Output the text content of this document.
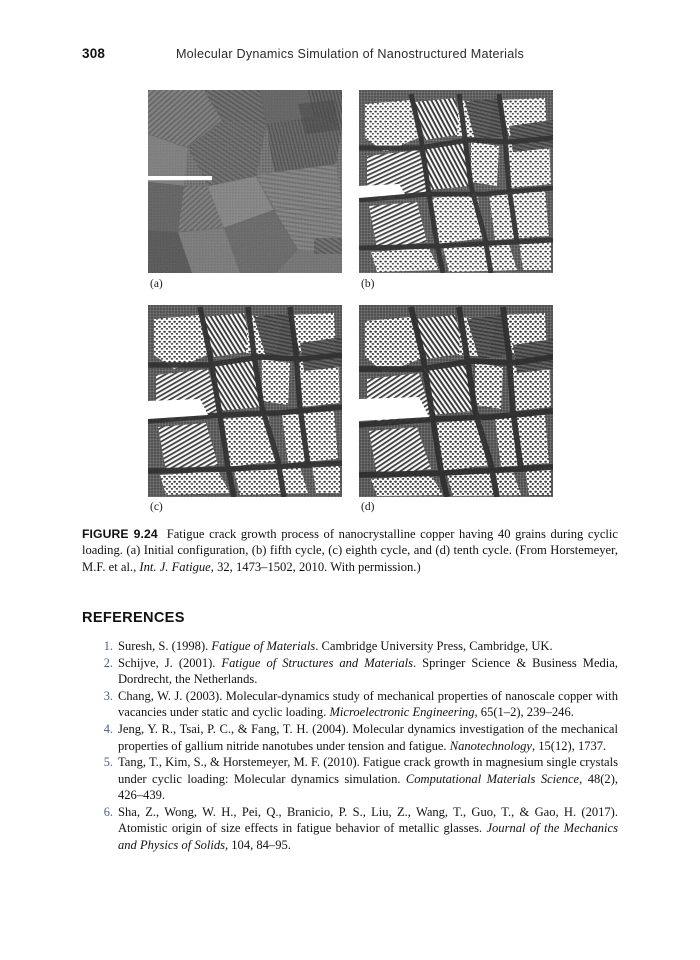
308	Molecular Dynamics Simulation of Nanostructured Materials
(a)	(b)
(c)	(d)
FIGURE 9.24 Fatigue crack growth process of nanocrystalline copper having 40 grains during cyclic loading. (a) Initial configuration, (b) fifth cycle, (c) eighth cycle, and (d) tenth cycle. (From Horstemeyer, M.F. et al., Int. J. Fatigue, 32, 1473–1502, 2010. With permission.)
REFERENCES
1. Suresh, S. (1998). Fatigue of Materials. Cambridge University Press, Cambridge, UK.
2. Schijve, J. (2001). Fatigue of Structures and Materials. Springer Science & Business Media, Dordrecht, the Netherlands.
3. Chang, W. J. (2003). Molecular-dynamics study of mechanical properties of nanoscale copper with vacancies under static and cyclic loading. Microelectronic Engineering, 65(1–2), 239–246.
4. Jeng, Y. R., Tsai, P. C., & Fang, T. H. (2004). Molecular dynamics investigation of the mechanical properties of gallium nitride nanotubes under tension and fatigue. Nanotechnology, 15(12), 1737.
5. Tang, T., Kim, S., & Horstemeyer, M. F. (2010). Fatigue crack growth in magnesium single crystals under cyclic loading: Molecular dynamics simulation. Computational Materials Science, 48(2), 426–439.
6. Sha, Z., Wong, W. H., Pei, Q., Branicio, P. S., Liu, Z., Wang, T., Guo, T., & Gao, H. (2017). Atomistic origin of size effects in fatigue behavior of metallic glasses. Journal of the Mechanics and Physics of Solids, 104, 84–95.
